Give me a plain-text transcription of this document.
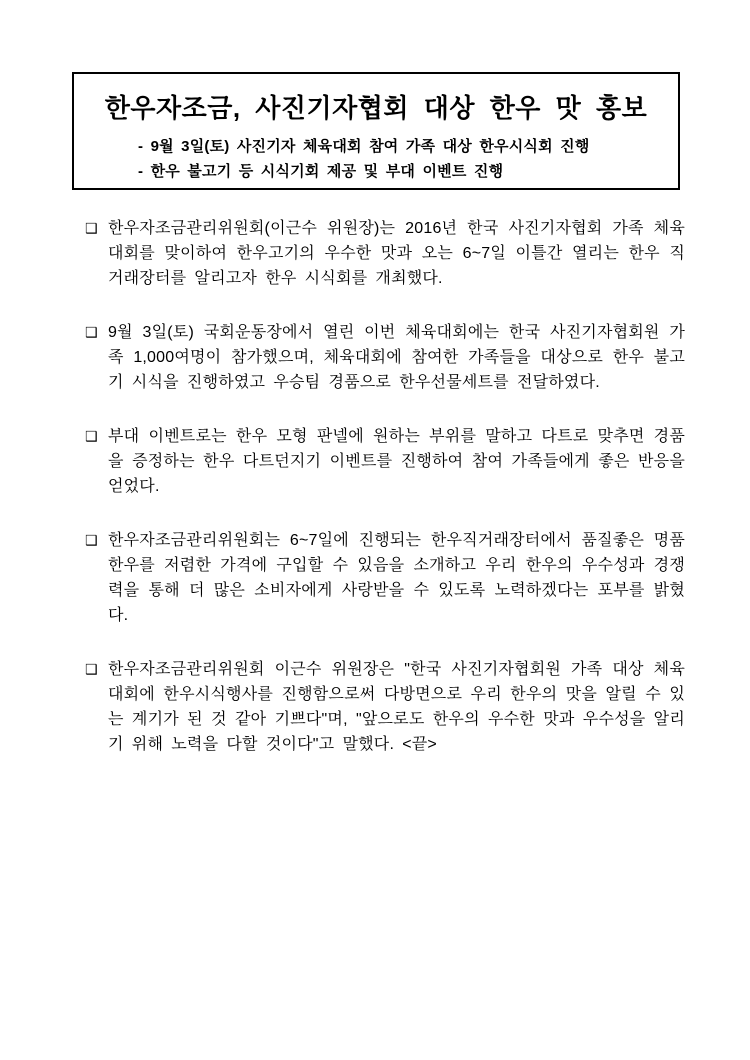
한우자조금, 사진기자협회 대상 한우 맛 홍보

- 9월 3일(토) 사진기자 체육대회 참여 가족 대상 한우시식회 진행

- 한우 불고기 등 시식기회 제공 및 부대 이벤트 진행

❑ 한우자조금관리위원회(이근수 위원장)는 2016년 한국 사진기자협회 가족 체육대회를 맞이하여 한우고기의 우수한 맛과 오는 6~7일 이틀간 열리는 한우 직거래장터를 알리고자 한우 시식회를 개최했다.

❑ 9월 3일(토) 국회운동장에서 열린 이번 체육대회에는 한국 사진기자협회원 가족 1,000여명이 참가했으며, 체육대회에 참여한 가족들을 대상으로 한우 불고기 시식을 진행하였고 우승팀 경품으로 한우선물세트를 전달하였다.

❑ 부대 이벤트로는 한우 모형 판넬에 원하는 부위를 말하고 다트로 맞추면 경품을 증정하는 한우 다트던지기 이벤트를 진행하여 참여 가족들에게 좋은 반응을 얻었다.

❑ 한우자조금관리위원회는 6~7일에 진행되는 한우직거래장터에서 품질좋은 명품 한우를 저렴한 가격에 구입할 수 있음을 소개하고 우리 한우의 우수성과 경쟁력을 통해 더 많은 소비자에게 사랑받을 수 있도록 노력하겠다는 포부를 밝혔다.

❑ 한우자조금관리위원회 이근수 위원장은 "한국 사진기자협회원 가족 대상 체육대회에 한우시식행사를 진행함으로써 다방면으로 우리 한우의 맛을 알릴 수 있는 계기가 된 것 같아 기쁘다"며, "앞으로도 한우의 우수한 맛과 우수성을 알리기 위해 노력을 다할 것이다"고 말했다. <끝>
